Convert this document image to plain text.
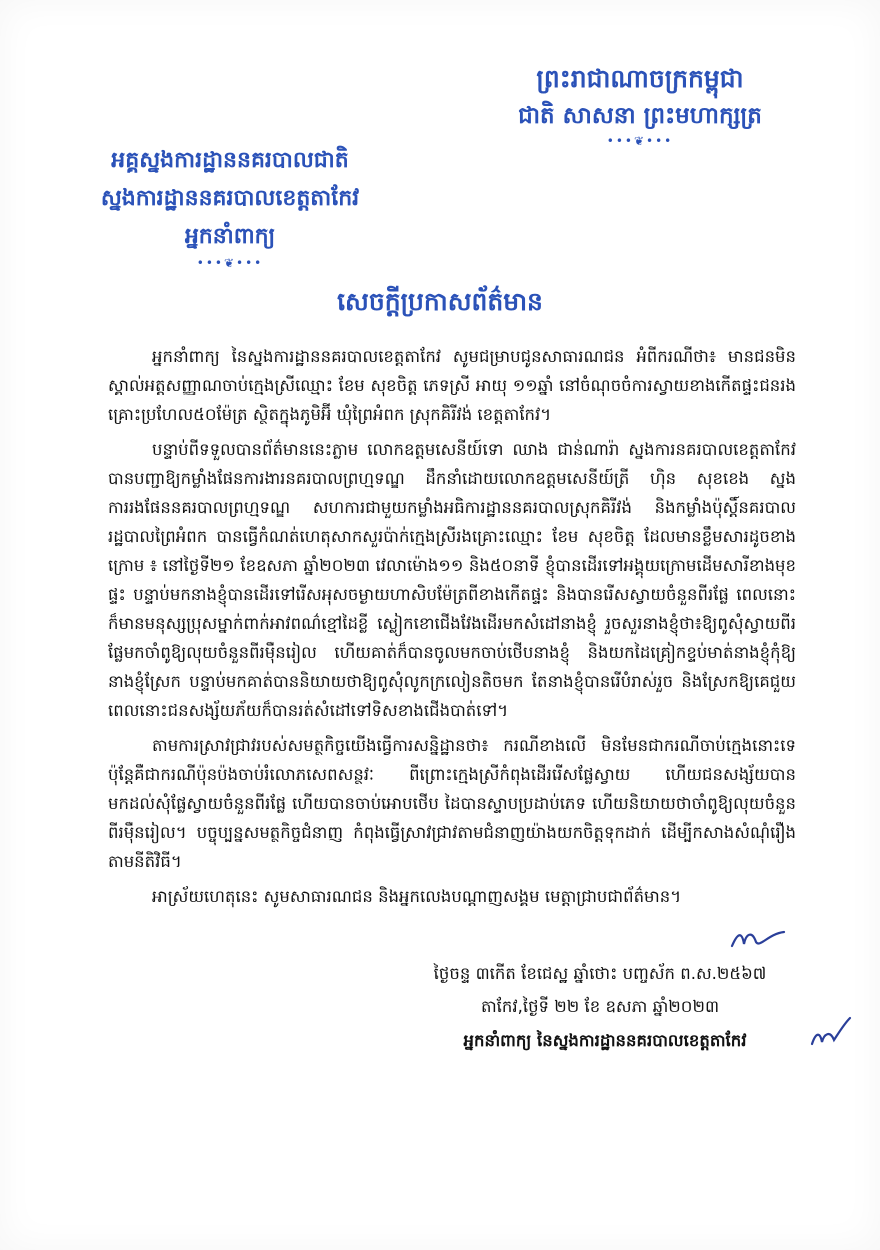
ព្រះរាជាណាចក្រកម្ពុជា
ជាតិ សាសនា ព្រះមហាក្សត្រ
•••❦•••
អគ្គស្នងការដ្ឋាននគរបាលជាតិ
ស្នងការដ្ឋាននគរបាលខេត្តតាកែវ
អ្នកនាំពាក្យ
•••❦•••
សេចក្តីប្រកាសព័ត៌មាន

អ្នកនាំពាក្យ នៃស្នងការដ្ឋាននគរបាលខេត្តតាកែវ សូមជម្រាបជូនសាធារណជន អំពីករណីថា៖ មានជនមិនស្គាល់អត្តសញ្ញាណចាប់ក្មេងស្រីឈ្មោះ ខែម សុខចិត្ត ភេទស្រី អាយុ ១១ឆ្នាំ នៅចំណុចចំការស្វាយខាងកើតផ្ទះជនរងគ្រោះប្រហែល៥០ម៉ែត្រ ស្ថិតក្នុងភូមិអ៊ី ឃុំព្រៃអំពក ស្រុកគិរីវង់ ខេត្តតាកែវ។

បន្ទាប់ពីទទួលបានព័ត៌មាននេះភ្លាម លោកឧត្តមសេនីយ៍ទោ ឈាង ជាន់ណារ៉ា ស្នងការនគរបាលខេត្តតាកែវ បានបញ្ជាឱ្យកម្លាំងផែនការងារនគរបាលព្រហ្មទណ្ឌ ដឹកនាំដោយលោកឧត្តមសេនីយ៍ត្រី ហ៊ិន សុខខេង ស្នងការរងផែននគរបាលព្រហ្មទណ្ឌ សហការជាមួយកម្លាំងអធិការដ្ឋាននគរបាលស្រុកគិរីវង់ និងកម្លាំងប៉ុស្តិ៍នគរបាលរដ្ឋបាលព្រៃអំពក បានធ្វើកំណត់ហេតុសាកសួរប៉ាក់ក្មេងស្រីរងគ្រោះឈ្មោះ ខែម សុខចិត្ត ដែលមានខ្លឹមសារដូចខាងក្រោម ៖ នៅថ្ងៃទី២១ ខែឧសភា ឆ្នាំ២០២៣ វេលាម៉ោង១១ និង៥០នាទី ខ្ញុំបានដើរទៅអង្គុយក្រោមដើមសារីខាងមុខផ្ទះ បន្ទាប់មកនាងខ្ញុំបានដើរទៅរើសអុសចម្ងាយហាសិបម៉ែត្រពីខាងកើតផ្ទះ និងបានរើសស្វាយចំនួនពីរផ្លែ ពេលនោះក៏មានមនុស្សប្រុសម្នាក់ពាក់អាវពណ៌ខ្មៅដៃខ្លី ស្លៀកខោជើងវែងដើរមកសំដៅនាងខ្ញុំ រួចសួរនាងខ្ញុំថា៖ឱ្យពូសុំស្វាយពីរផ្លែមកចាំពូឱ្យលុយចំនួនពីរម៉ឺនរៀល ហើយគាត់ក៏បានចូលមកចាប់ថើបនាងខ្ញុំ និងយកដៃគ្រៀកខ្ទប់មាត់នាងខ្ញុំកុំឱ្យនាងខ្ញុំស្រែក បន្ទាប់មកគាត់បាននិយាយថាឱ្យពូសុំលូកក្រលៀនតិចមក តែនាងខ្ញុំបានរើបំរាស់រួច និងស្រែកឱ្យគេជួយ ពេលនោះជនសង្ស័យភ័យក៏បានរត់សំដៅទៅទិសខាងជើងបាត់ទៅ។

តាមការស្រាវជ្រាវរបស់សមត្ថកិច្ចយើងធ្វើការសន្និដ្ឋានថា៖ ករណីខាងលើ មិនមែនជាករណីចាប់ក្មេងនោះទេ ប៉ុន្តែគឺជាករណីប៉ុនប៉ងចាប់រំលោភសេពសន្ថវៈ ពីព្រោះក្មេងស្រីកំពុងដើររើសផ្លែស្វាយ ហើយជនសង្ស័យបានមកដល់សុំផ្លែស្វាយចំនួនពីរផ្លែ ហើយបានចាប់អោបថើប ដៃបានស្ទាបប្រដាប់ភេទ ហើយនិយាយថាចាំពូឱ្យលុយចំនួនពីរម៉ឺនរៀល។ បច្ចុប្បន្នសមត្ថកិច្ចជំនាញ កំពុងធ្វើស្រាវជ្រាវតាមជំនាញយ៉ាងយកចិត្តទុកដាក់ ដើម្បីកសាងសំណុំរឿងតាមនីតិវិធី។

អាស្រ័យហេតុនេះ សូមសាធារណជន និងអ្នកលេងបណ្តាញសង្គម មេត្តាជ្រាបជាព័ត៌មាន។

ថ្ងៃចន្ទ ៣កើត ខែជេស្ឋ ឆ្នាំថោះ បញ្ចស័ក ព.ស.២៥៦៧
តាកែវ,ថ្ងៃទី ២២ ខែ ឧសភា ឆ្នាំ២០២៣
អ្នកនាំពាក្យ នៃស្នងការដ្ឋាននគរបាលខេត្តតាកែវ
